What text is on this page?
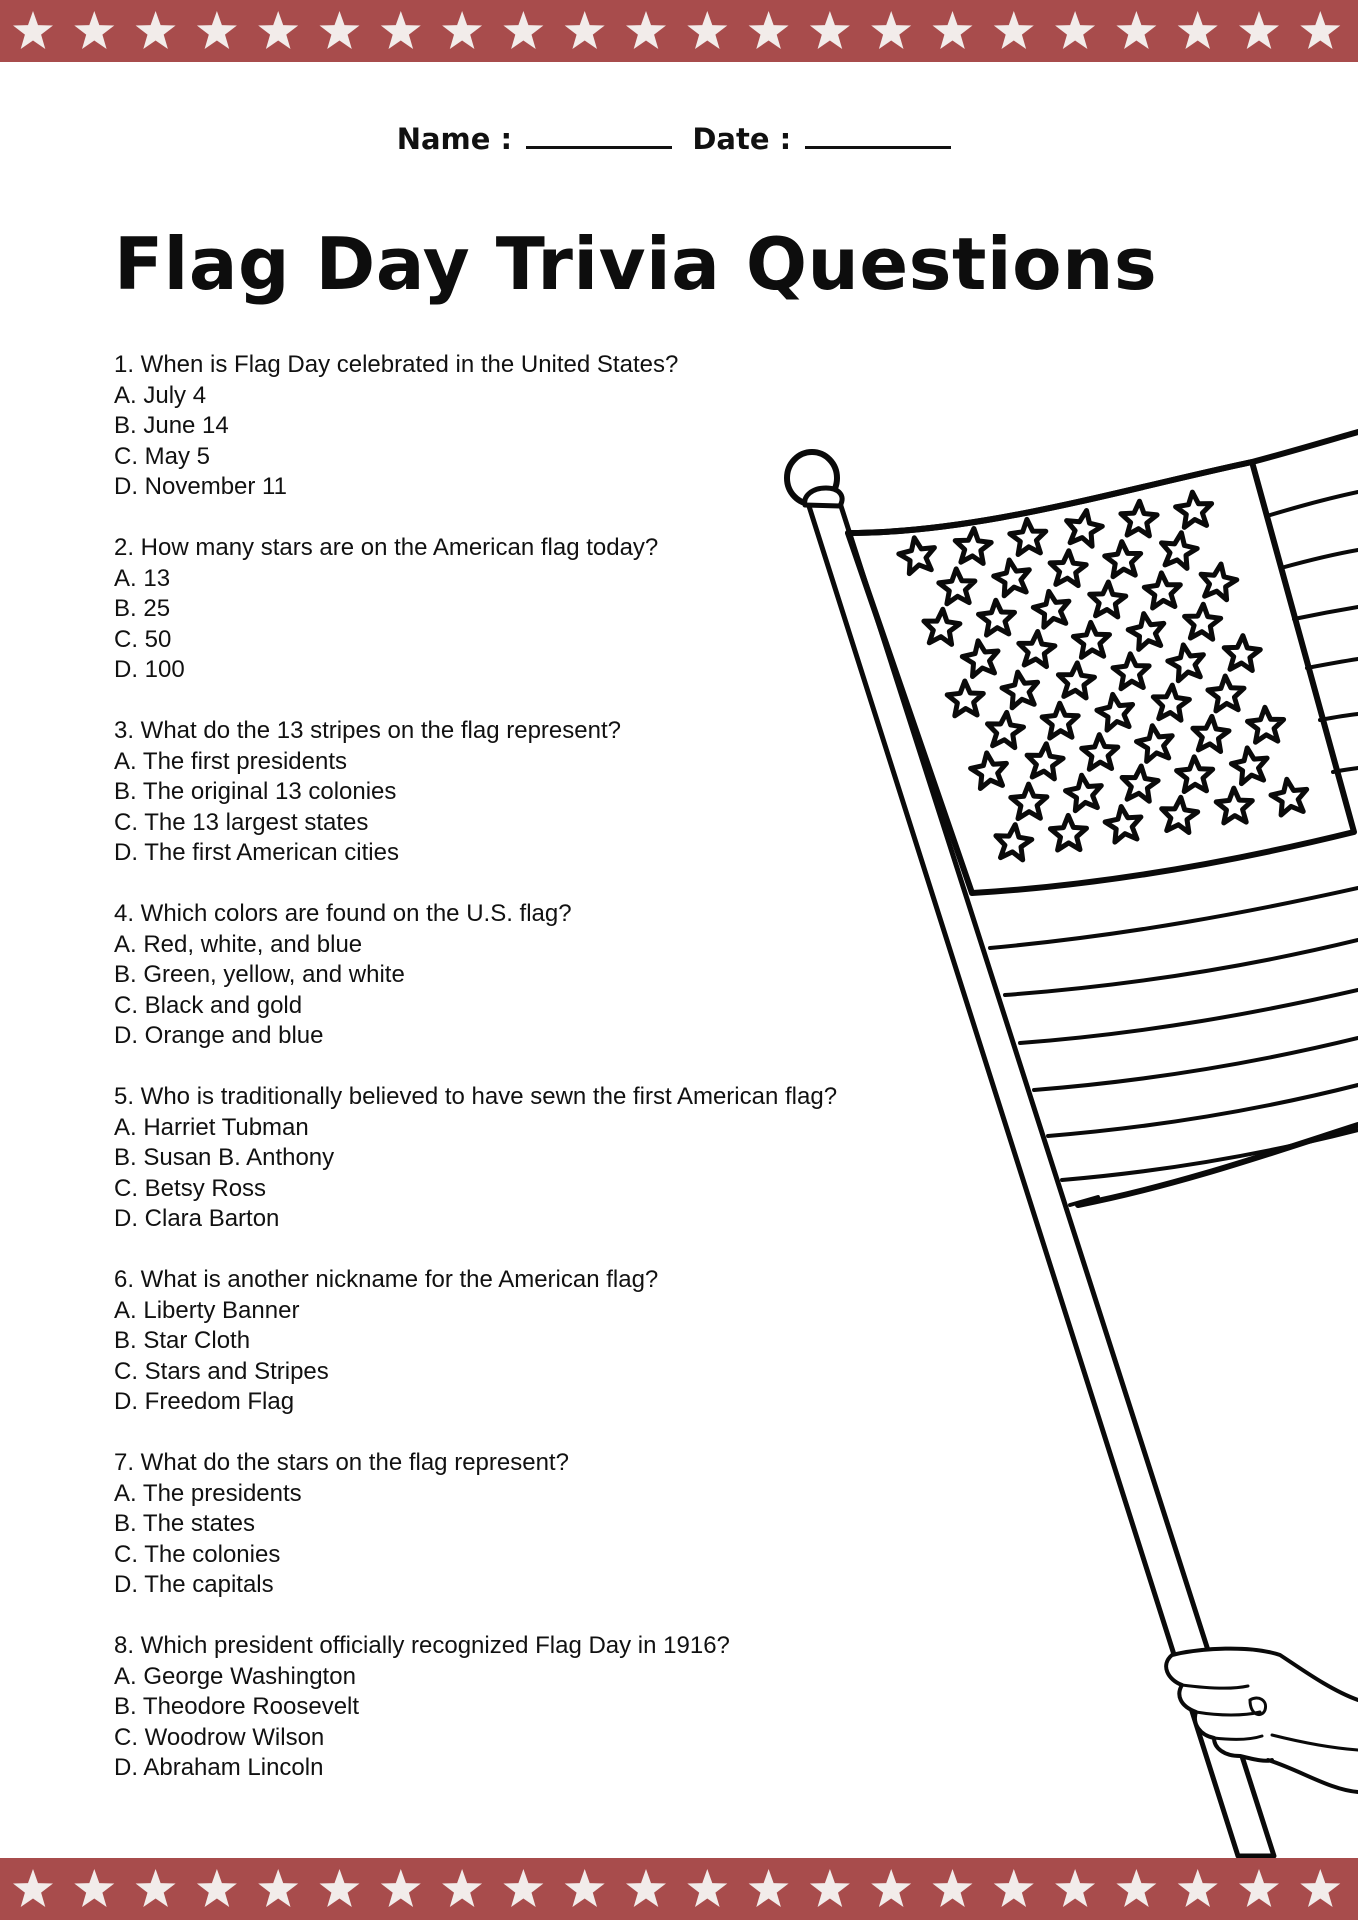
Name :	Date :
Flag Day Trivia Questions
1. When is Flag Day celebrated in the United States?
A. July 4
B. June 14
C. May 5
D. November 11
2. How many stars are on the American flag today?
A. 13
B. 25
C. 50
D. 100
3. What do the 13 stripes on the flag represent?
A. The first presidents
B. The original 13 colonies
C. The 13 largest states
D. The first American cities
4. Which colors are found on the U.S. flag?
A. Red, white, and blue
B. Green, yellow, and white
C. Black and gold
D. Orange and blue
5. Who is traditionally believed to have sewn the first American flag?
A. Harriet Tubman
B. Susan B. Anthony
C. Betsy Ross
D. Clara Barton
6. What is another nickname for the American flag?
A. Liberty Banner
B. Star Cloth
C. Stars and Stripes
D. Freedom Flag
7. What do the stars on the flag represent?
A. The presidents
B. The states
C. The colonies
D. The capitals
8. Which president officially recognized Flag Day in 1916?
A. George Washington
B. Theodore Roosevelt
C. Woodrow Wilson
D. Abraham Lincoln
